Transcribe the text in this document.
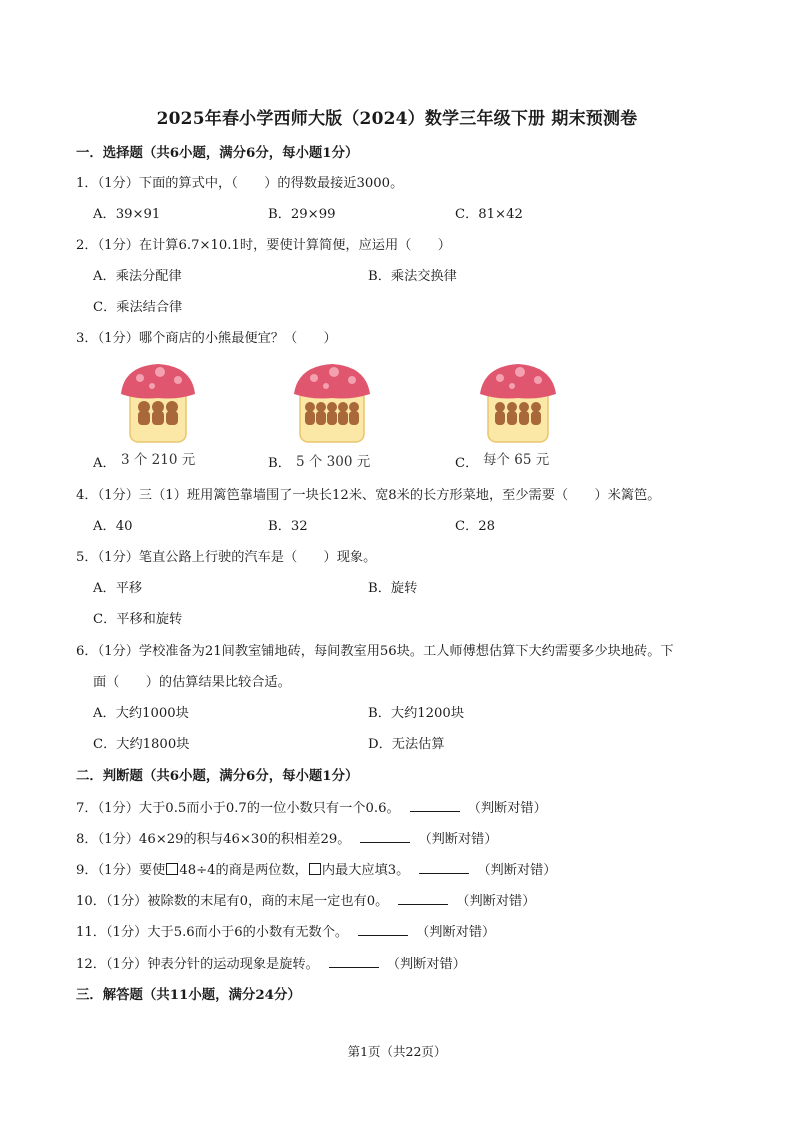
2025年春小学西师大版（2024）数学三年级下册 期末预测卷
一．选择题（共6小题，满分6分，每小题1分）
1．（1分）下面的算式中，（　　）的得数最接近3000。
A．39×91	B．29×99	C．81×42
2．（1分）在计算6.7×10.1时，要使计算简便，应运用（　　）
A．乘法分配律	B．乘法交换律
C．乘法结合律
3．（1分）哪个商店的小熊最便宜？（　　）
3 个 210 元	5 个 300 元	每个 65 元
A．	B．	C．
4．（1分）三（1）班用篱笆靠墙围了一块长12米、宽8米的长方形菜地，至少需要（　　）米篱笆。
A．40	B．32	C．28
5．（1分）笔直公路上行驶的汽车是（　　）现象。
A．平移	B．旋转
C．平移和旋转
6．（1分）学校准备为21间教室铺地砖，每间教室用56块。工人师傅想估算下大约需要多少块地砖。下
面（　　）的估算结果比较合适。
A．大约1000块	B．大约1200块
C．大约1800块	D．无法估算
二．判断题（共6小题，满分6分，每小题1分）
7．（1分）大于0.5而小于0.7的一位小数只有一个0.6。	（判断对错）
8．（1分）46×29的积与46×30的积相差29。	（判断对错）
9．（1分）要使 48÷4的商是两位数， 内最大应填3。	（判断对错）
10．（1分）被除数的末尾有0，商的末尾一定也有0。	（判断对错）
11．（1分）大于5.6而小于6的小数有无数个。	（判断对错）
12．（1分）钟表分针的运动现象是旋转。	（判断对错）
三．解答题（共11小题，满分24分）
第1页（共22页）
